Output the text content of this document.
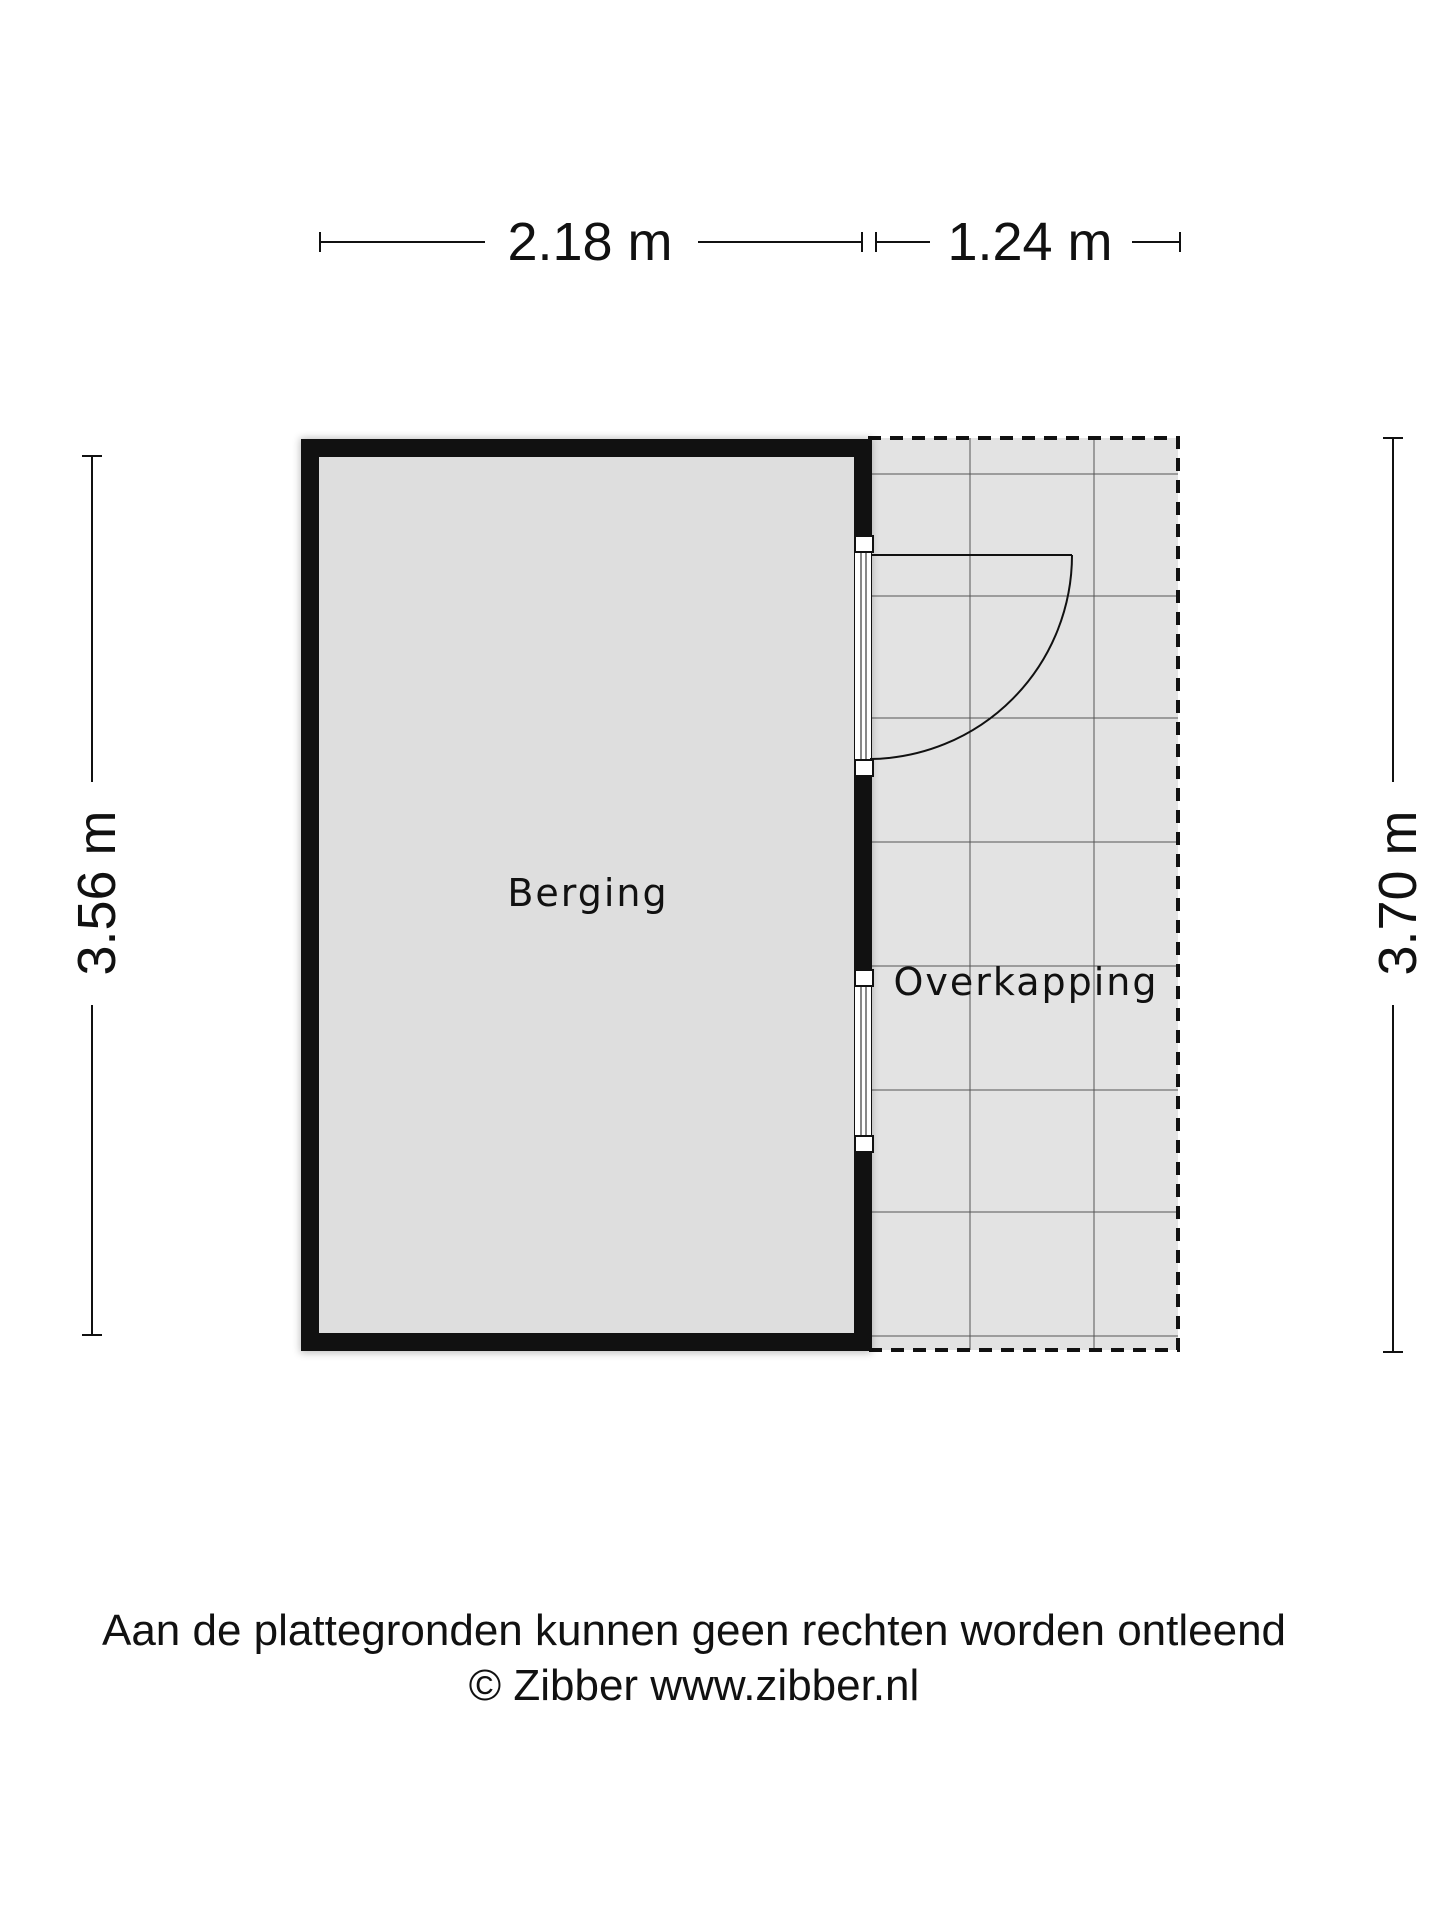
2.18 m	1.24 m
3.56 m	3.70 m
Berging
Overkapping
Aan de plattegronden kunnen geen rechten worden ontleend
© Zibber www.zibber.nl
